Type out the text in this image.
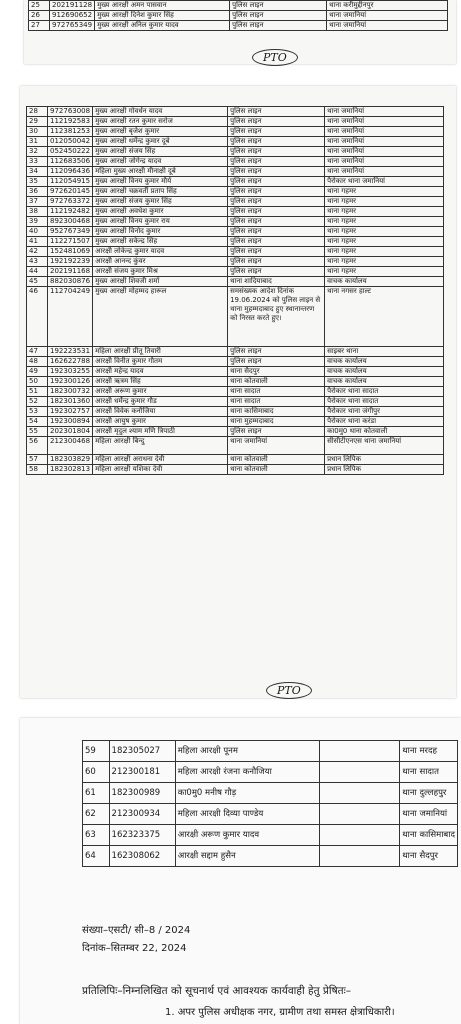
25	202191128	मुख्य आरक्षी अमन पासवान	पुलिस लाइन	थाना करीमुद्दीनपुर
26	912690652	मुख्य आरक्षी दिनेश कुमार सिंह	पुलिस लाइन	थाना जमानियां
27	972765349	मुख्य आरक्षी अनिल कुमार यादव	पुलिस लाइन	थाना जमानियां
PTO
28	972763008	मुख्य आरक्षी गोवर्धन यादव	पुलिस लाइन	थाना जमानियां
29	112192583	मुख्य आरक्षी रतन कुमार सरोज	पुलिस लाइन	थाना जमानियां
30	112381253	मुख्य आरक्षी बृजेश कुमार	पुलिस लाइन	थाना जमानियां
31	012050042	मुख्य आरक्षी धर्मेन्द्र कुमार दूबे	पुलिस लाइन	थाना जमानियां
32	052450222	मुख्य आरक्षी संजय सिंह	पुलिस लाइन	थाना जमानियां
33	112683506	मुख्य आरक्षी जोगेन्द्र यादव	पुलिस लाइन	थाना जमानियां
34	112096436	महिला मुख्य आरक्षी मीनाक्षी दूबे	पुलिस लाइन	थाना जमानियां
35	112054915	मुख्य आरक्षी विनय कुमार मौर्य	पुलिस लाइन	पैरोकार थाना जमानियां
36	972620145	मुख्य आरक्षी चक्रवर्ती प्रताप सिंह	पुलिस लाइन	थाना गहमर
37	972763372	मुख्य आरक्षी संजय कुमार सिंह	पुलिस लाइन	थाना गहमर
38	112192482	मुख्य आरक्षी अवधेश कुमार	पुलिस लाइन	थाना गहमर
39	892300468	मुख्य आरक्षी विनय कुमार राय	पुलिस लाइन	थाना गहमर
40	952767349	मुख्य आरक्षी विनोद कुमार	पुलिस लाइन	थाना गहमर
41	112271507	मुख्य आरक्षी सकेन्द्र सिंह	पुलिस लाइन	थाना गहमर
42	152481069	आरक्षी लोकेन्द्र कुमार यादव	पुलिस लाइन	थाना गहमर
43	192192239	आरक्षी आनन्द कुंवर	पुलिस लाइन	थाना गहमर
44	202191168	आरक्षी संजय कुमार मिश्र	पुलिस लाइन	थाना गहमर
45	882030876	मुख्य आरक्षी शिवजी शर्मा	थाना शादियाबाद	वाचक कार्यालय
46	112704249	मुख्य आरक्षी मोहम्मद हारूल	समसंख्यक आदेश दिनांक 19.06.2024 को पुलिस लाइन से थाना मुहम्मदाबाद हुए स्थानान्तरण को निरस्त करते हुए।	थाना नगसर हाल्ट
47	192223531	महिला आरक्षी प्रीतू तिवारी	पुलिस लाइन	साइबर थाना
48	162622788	आरक्षी विनीत कुमार गौतम	पुलिस लाइन	वाचक कार्यालय
49	192303255	आरक्षी महेन्द्र यादव	थाना सैदपुर	वाचक कार्यालय
50	192300126	आरक्षी ऋत्रम सिंह	थाना कोतवाली	वाचक कार्यालय
51	182300732	आरक्षी अरूण कुमार	थाना सादात	पैरोकार थाना सादात
52	182301360	आरक्षी धर्मेन्द्र कुमार गौड	थाना सादात	पैरोकार थाना सादात
53	192302757	आरक्षी विवेक कनौजिया	थाना कासिमाबाद	पैरोकार थाना जंगीपुर
54	192300894	आरक्षी आयुष कुमार	थाना मुहम्मदाबाद	पैरोकार थाना करंडा
55	202301804	आरक्षी मृदुल श्याम मणि त्रिपाठी	पुलिस लाइन	का0मु0 थाना कोतवाली
56	212300468	महिला आरक्षी बिन्दु	थाना जमानियां	सीसीटीएनएस थाना जमानियां
57	182303829	महिला आरक्षी अराधना देवी	थाना कोतवाली	प्रधान लिपिक
58	182302813	महिला आरक्षी यशिका देवी	थाना कोतवाली	प्रधान लिपिक
PTO
59	182305027	महिला आरक्षी पूनम		थाना मरदह
60	212300181	महिला आरक्षी रंजना कनौजिया		थाना सादात
61	182300989	का0मु0 मनीष गौड़		थाना दुल्लहपुर
62	212300934	महिला आरक्षी दिव्या पाण्डेय		थाना जमानियां
63	162323375	आरक्षी अरूण कुमार यादव		थाना कासिमाबाद
64	162308062	आरक्षी सद्दाम हुसैन		थाना सैदपुर
संख्या–एसटी/ सी–8 / 2024
दिनांक–सितम्बर 22, 2024
प्रतिलिपिः–निम्नलिखित को सूचनार्थ एवं आवश्यक कार्यवाही हेतु प्रेषितः–
1. अपर पुलिस अधीक्षक नगर, ग्रामीण तथा समस्त क्षेत्राधिकारी।
